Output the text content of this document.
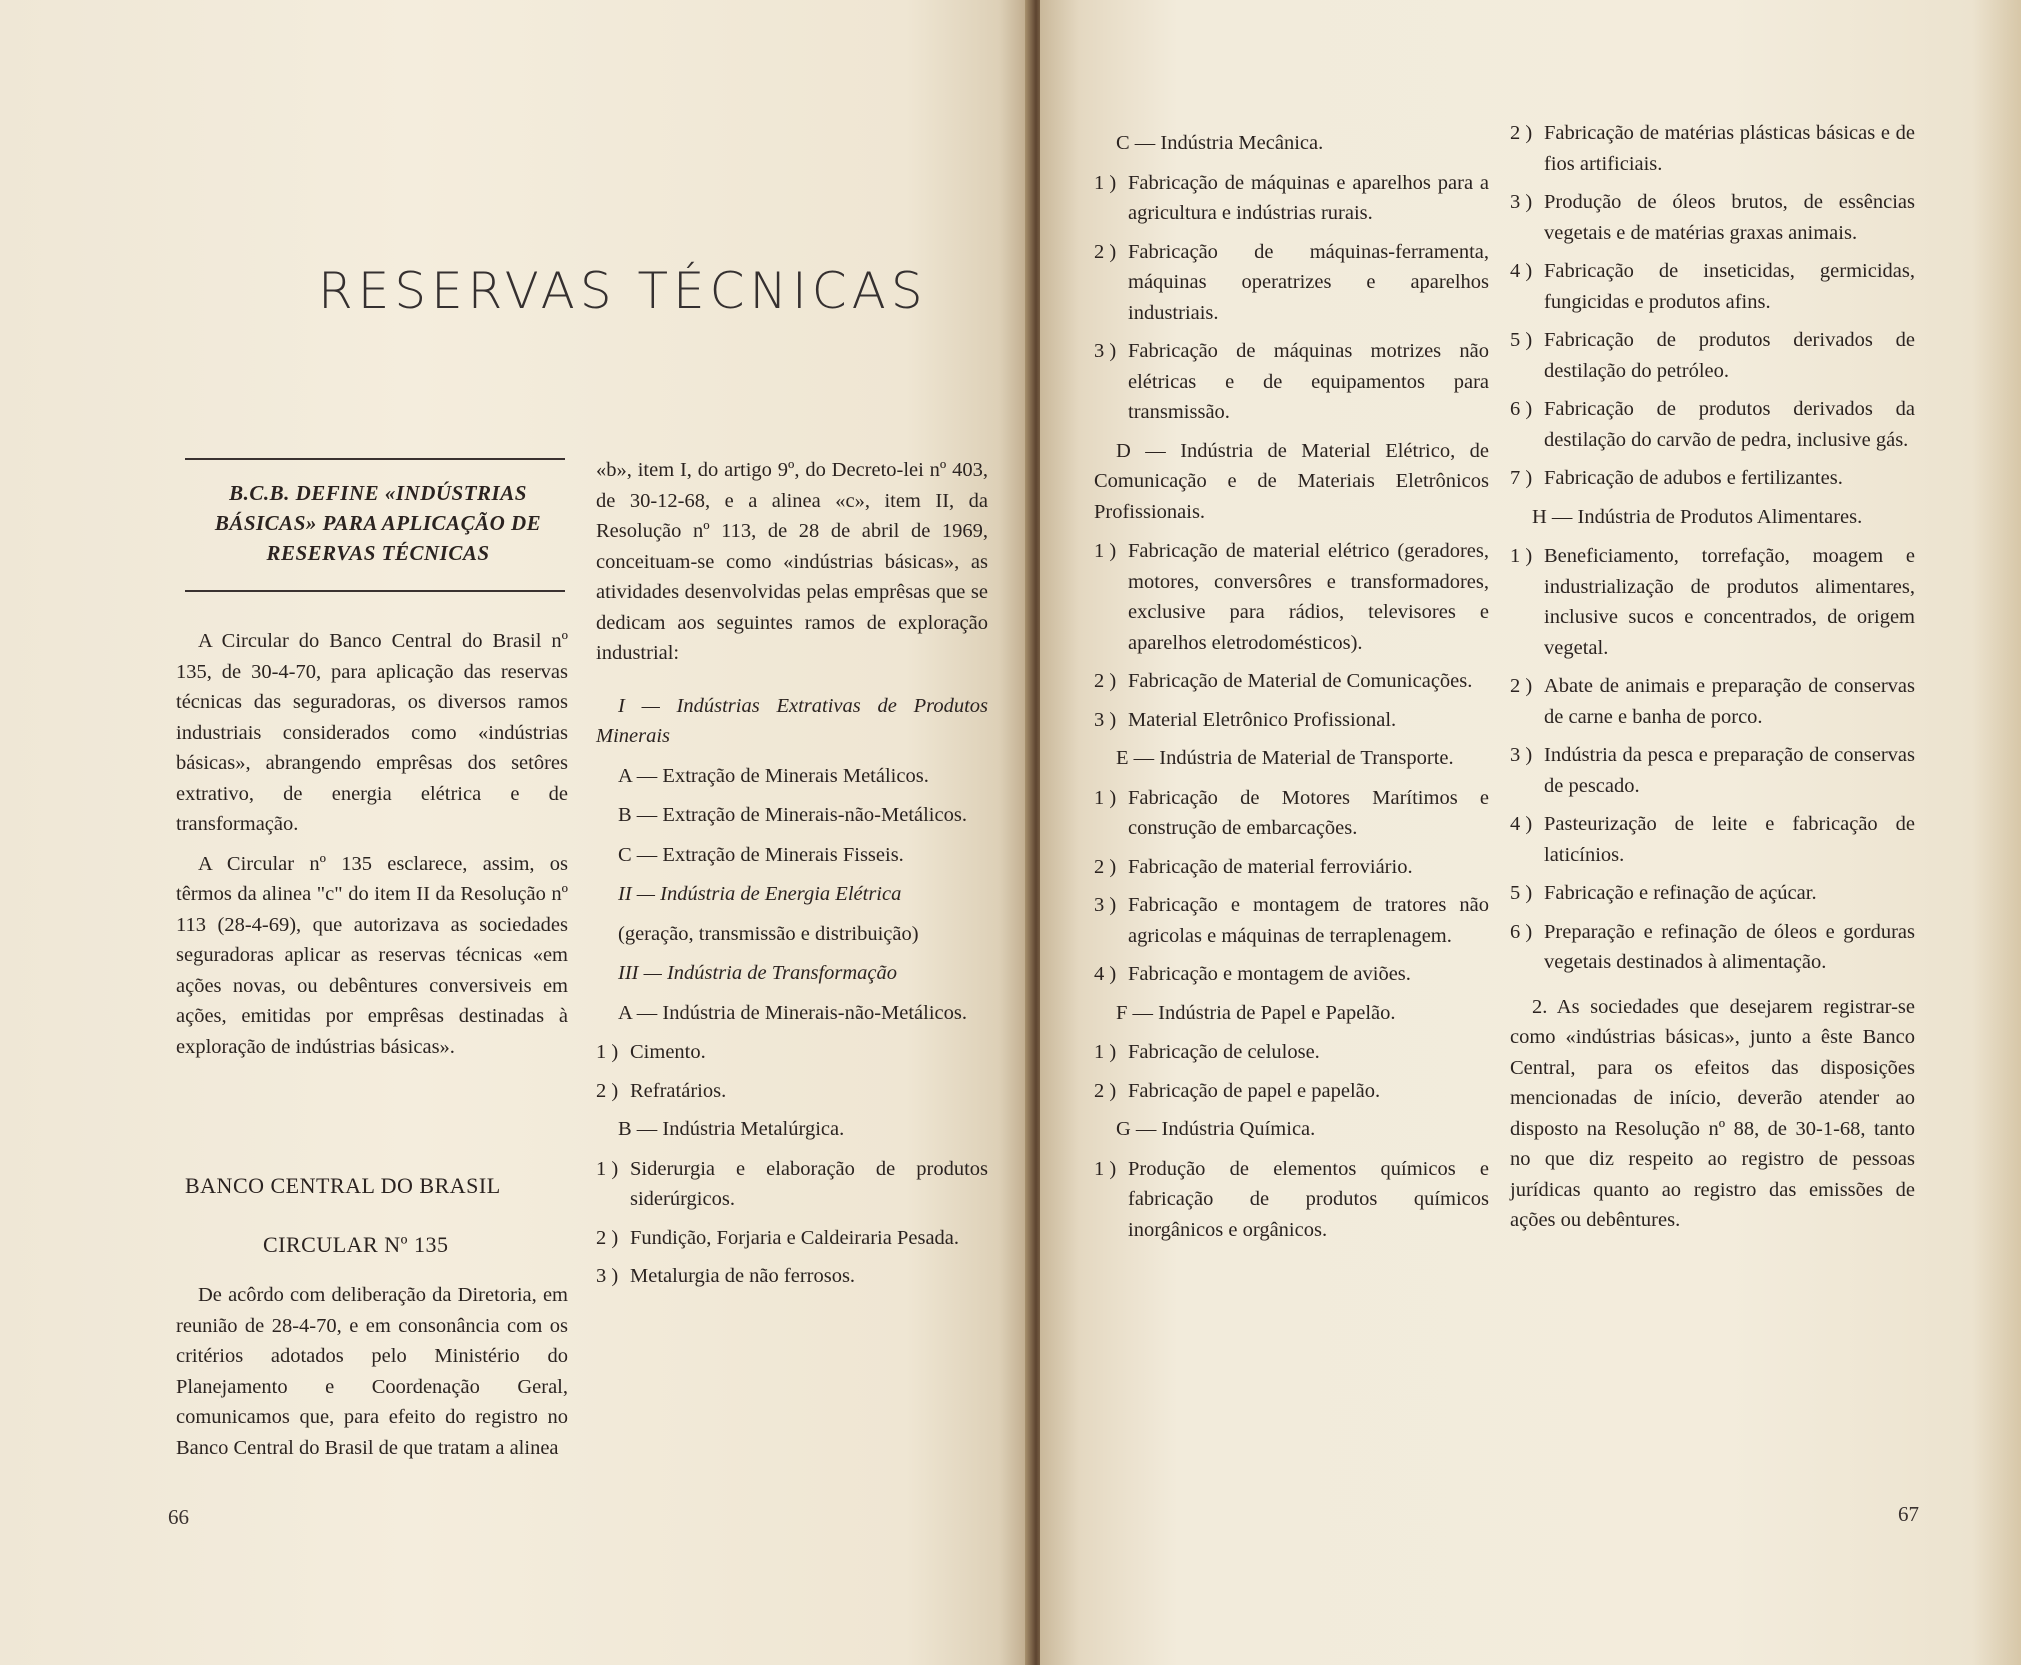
RESERVAS TÉCNICAS
B.C.B. DEFINE «INDÚSTRIAS BÁSICAS» PARA APLICAÇÃO DE RESERVAS TÉCNICAS

A Circular do Banco Central do Brasil nº 135, de 30-4-70, para aplicação das reservas técnicas das seguradoras, os diversos ramos industriais considerados como «indústrias básicas», abrangendo emprêsas dos setôres extrativo, de energia elétrica e de transformação.

A Circular nº 135 esclarece, assim, os têrmos da alinea "c" do item II da Resolução nº 113 (28-4-69), que autorizava as sociedades seguradoras aplicar as reservas técnicas «em ações novas, ou debêntures conversiveis em ações, emitidas por emprêsas destinadas à exploração de indústrias básicas».

BANCO CENTRAL DO BRASIL

CIRCULAR Nº 135

De acôrdo com deliberação da Diretoria, em reunião de 28-4-70, e em consonância com os critérios adotados pelo Ministério do Planejamento e Coordenação Geral, comunicamos que, para efeito do registro no Banco Central do Brasil de que tratam a alinea

«b», item I, do artigo 9º, do Decreto-lei nº 403, de 30-12-68, e a alinea «c», item II, da Resolução nº 113, de 28 de abril de 1969, conceituam-se como «indústrias básicas», as atividades desenvolvidas pelas emprêsas que se dedicam aos seguintes ramos de exploração industrial:

I — Indústrias Extrativas de Produtos Minerais

A — Extração de Minerais Metálicos.

B — Extração de Minerais-não-Metálicos.

C — Extração de Minerais Fisseis.

II — Indústria de Energia Elétrica

(geração, transmissão e distribuição)

III — Indústria de Transformação

A — Indústria de Minerais-não-Metálicos.

1 ) Cimento.
2 ) Refratários.

B — Indústria Metalúrgica.

1 ) Siderurgia e elaboração de produtos siderúrgicos.
2 ) Fundição, Forjaria e Caldeiraria Pesada.
3 ) Metalurgia de não ferrosos.

66

C — Indústria Mecânica.

1 ) Fabricação de máquinas e aparelhos para a agricultura e indústrias rurais.
2 ) Fabricação de máquinas-ferramenta, máquinas operatrizes e aparelhos industriais.
3 ) Fabricação de máquinas motrizes não elétricas e de equipamentos para transmissão.

D — Indústria de Material Elétrico, de Comunicação e de Materiais Eletrônicos Profissionais.

1 ) Fabricação de material elétrico (geradores, motores, conversôres e transformadores, exclusive para rádios, televisores e aparelhos eletrodomésticos).
2 ) Fabricação de Material de Comunicações.
3 ) Material Eletrônico Profissional.

E — Indústria de Material de Transporte.

1 ) Fabricação de Motores Marítimos e construção de embarcações.
2 ) Fabricação de material ferroviário.
3 ) Fabricação e montagem de tratores não agricolas e máquinas de terraplenagem.
4 ) Fabricação e montagem de aviões.

F — Indústria de Papel e Papelão.

1 ) Fabricação de celulose.
2 ) Fabricação de papel e papelão.

G — Indústria Química.

1 ) Produção de elementos químicos e fabricação de produtos químicos inorgânicos e orgânicos.
2 ) Fabricação de matérias plásticas básicas e de fios artificiais.
3 ) Produção de óleos brutos, de essências vegetais e de matérias graxas animais.
4 ) Fabricação de inseticidas, germicidas, fungicidas e produtos afins.
5 ) Fabricação de produtos derivados de destilação do petróleo.
6 ) Fabricação de produtos derivados da destilação do carvão de pedra, inclusive gás.
7 ) Fabricação de adubos e fertilizantes.

H — Indústria de Produtos Alimentares.

1 ) Beneficiamento, torrefação, moagem e industrialização de produtos alimentares, inclusive sucos e concentrados, de origem vegetal.
2 ) Abate de animais e preparação de conservas de carne e banha de porco.
3 ) Indústria da pesca e preparação de conservas de pescado.
4 ) Pasteurização de leite e fabricação de laticínios.
5 ) Fabricação e refinação de açúcar.
6 ) Preparação e refinação de óleos e gorduras vegetais destinados à alimentação.

2. As sociedades que desejarem registrar-se como «indústrias básicas», junto a êste Banco Central, para os efeitos das disposições mencionadas de início, deverão atender ao disposto na Resolução nº 88, de 30-1-68, tanto no que diz respeito ao registro de pessoas jurídicas quanto ao registro das emissões de ações ou debêntures.

67
